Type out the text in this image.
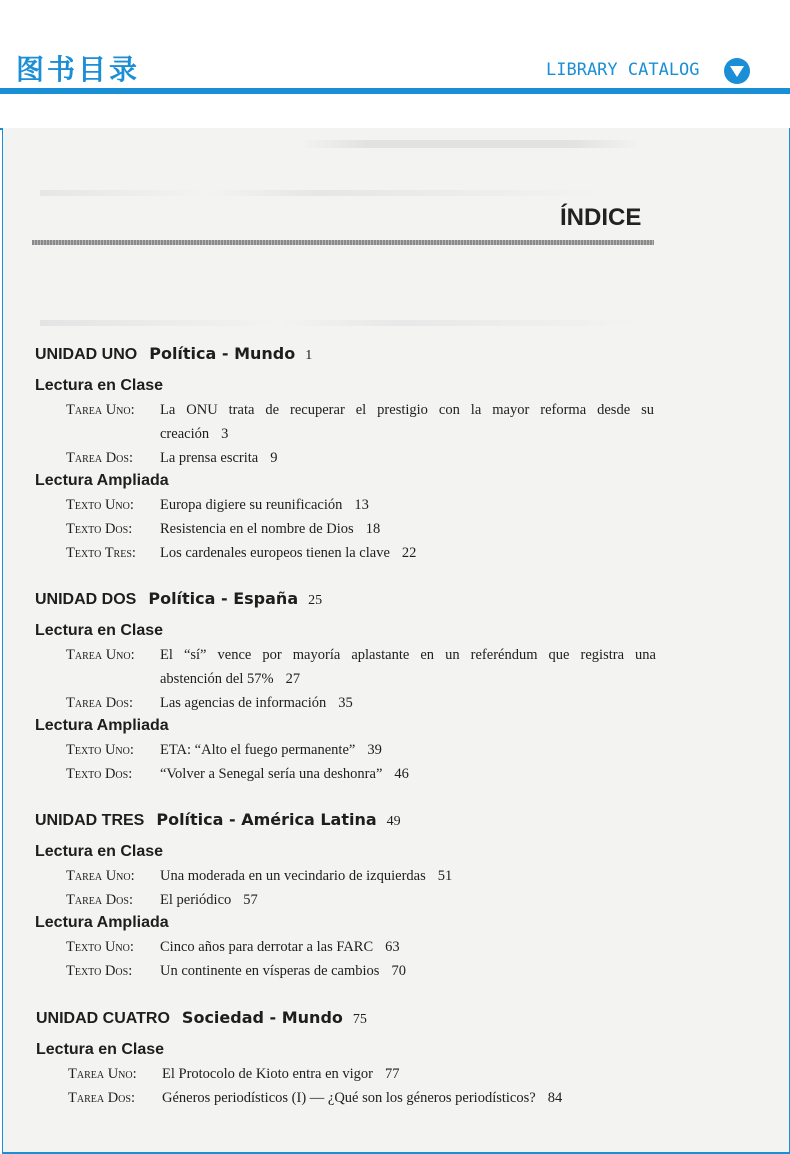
图书目录	LIBRARY CATALOG
ÍNDICE
UNIDAD UNO Política - Mundo 1
Lectura en Clase
Tarea Uno: La ONU trata de recuperar el prestigio con la mayor reforma desde su
creación 3
Tarea Dos: La prensa escrita 9
Lectura Ampliada
Texto Uno: Europa digiere su reunificación 13
Texto Dos: Resistencia en el nombre de Dios 18
Texto Tres: Los cardenales europeos tienen la clave 22
UNIDAD DOS Política - España 25
Lectura en Clase
Tarea Uno: El “sí” vence por mayoría aplastante en un referéndum que registra una
abstención del 57% 27
Tarea Dos: Las agencias de información 35
Lectura Ampliada
Texto Uno: ETA: “Alto el fuego permanente” 39
Texto Dos: “Volver a Senegal sería una deshonra” 46
UNIDAD TRES Política - América Latina 49
Lectura en Clase
Tarea Uno: Una moderada en un vecindario de izquierdas 51
Tarea Dos: El periódico 57
Lectura Ampliada
Texto Uno: Cinco años para derrotar a las FARC 63
Texto Dos: Un continente en vísperas de cambios 70
UNIDAD CUATRO Sociedad - Mundo 75
Lectura en Clase
Tarea Uno: El Protocolo de Kioto entra en vigor 77
Tarea Dos: Géneros periodísticos (I) — ¿Qué son los géneros periodísticos? 84
